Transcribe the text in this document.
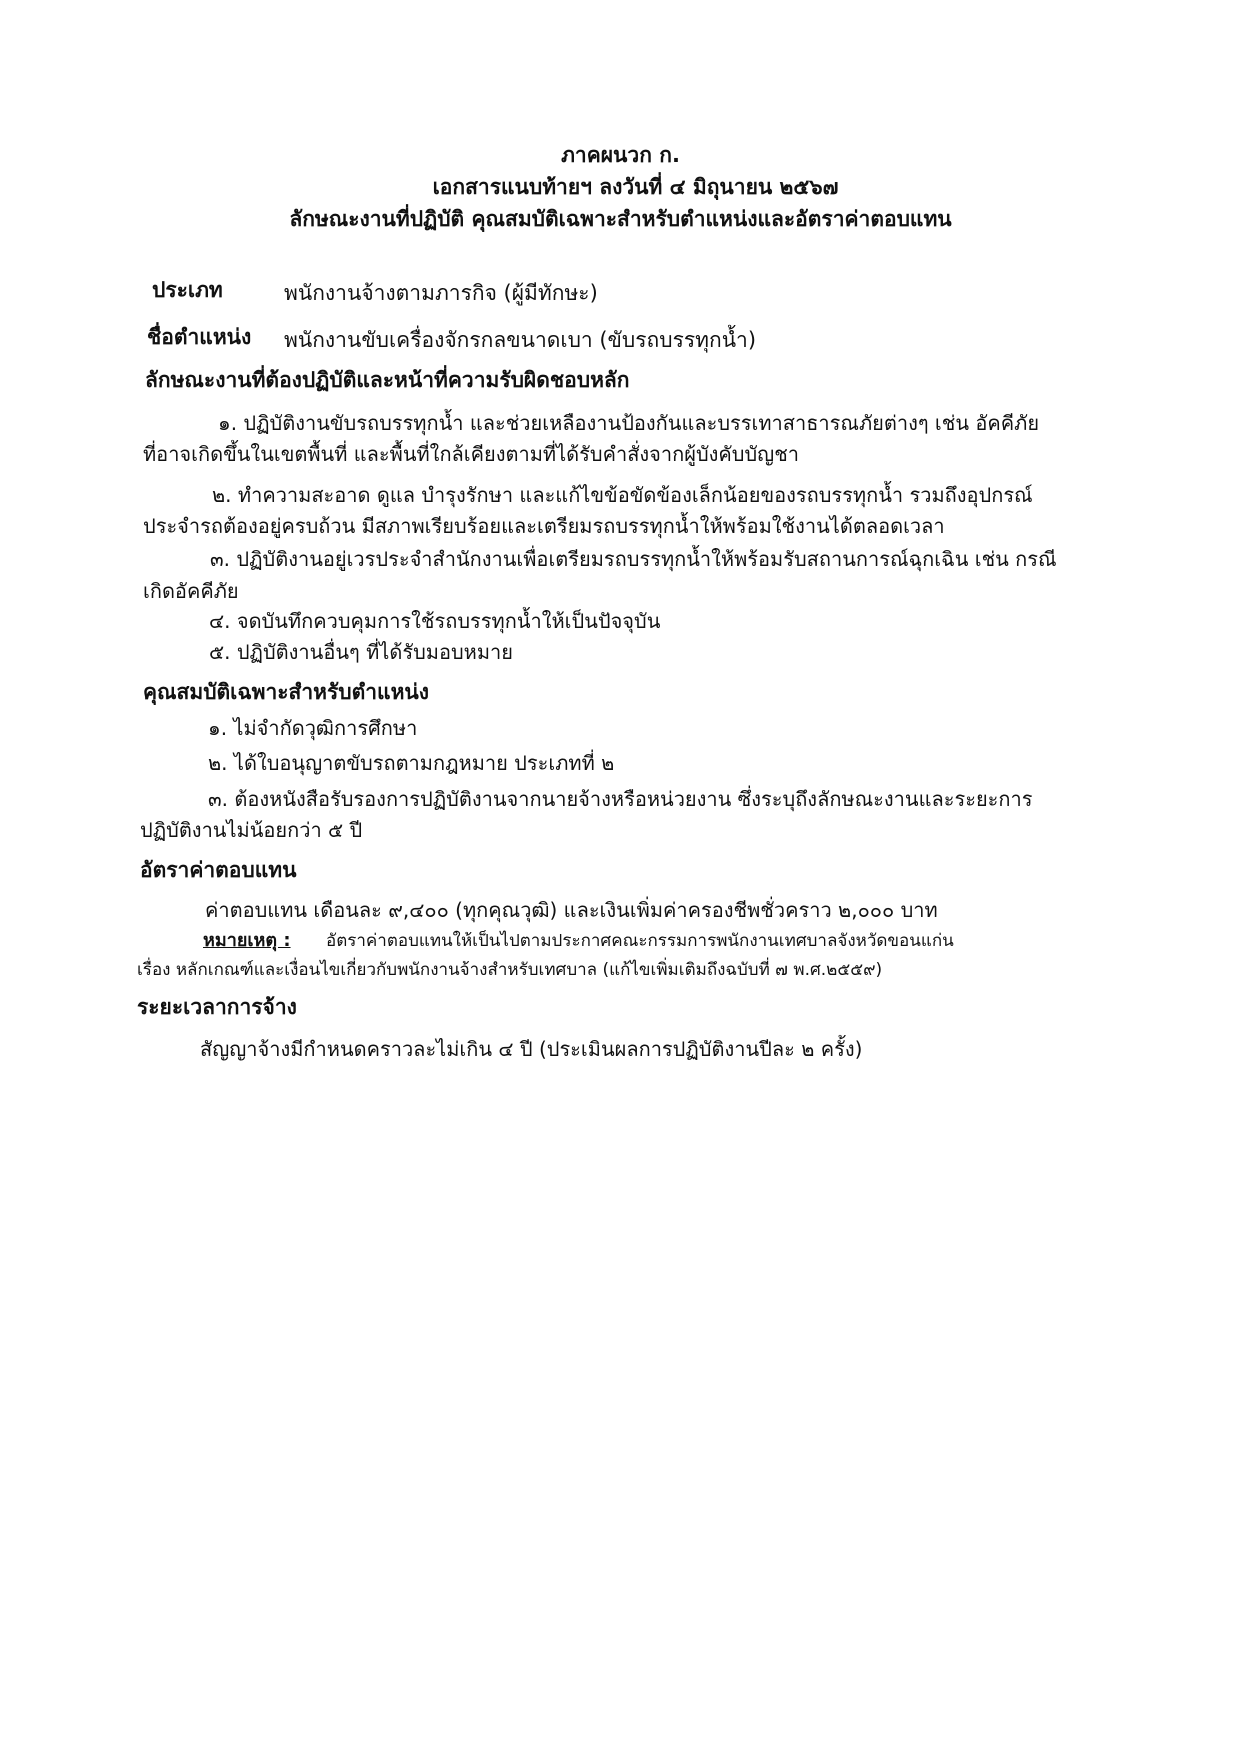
ภาคผนวก ก.
เอกสารแนบท้ายฯ ลงวันที่ ๔ มิถุนายน ๒๕๖๗
ลักษณะงานที่ปฏิบัติ คุณสมบัติเฉพาะสำหรับตำแหน่งและอัตราค่าตอบแทน
ประเภท	พนักงานจ้างตามภารกิจ (ผู้มีทักษะ)
ชื่อตำแหน่ง พนักงานขับเครื่องจักรกลขนาดเบา (ขับรถบรรทุกน้ำ)
ลักษณะงานที่ต้องปฏิบัติและหน้าที่ความรับผิดชอบหลัก
๑. ปฏิบัติงานขับรถบรรทุกน้ำ และช่วยเหลืองานป้องกันและบรรเทาสาธารณภัยต่างๆ เช่น อัคคีภัย
ที่อาจเกิดขึ้นในเขตพื้นที่ และพื้นที่ใกล้เคียงตามที่ได้รับคำสั่งจากผู้บังคับบัญชา
๒. ทำความสะอาด ดูแล บำรุงรักษา และแก้ไขข้อขัดข้องเล็กน้อยของรถบรรทุกน้ำ รวมถึงอุปกรณ์
ประจำรถต้องอยู่ครบถ้วน มีสภาพเรียบร้อยและเตรียมรถบรรทุกน้ำให้พร้อมใช้งานได้ตลอดเวลา
๓. ปฏิบัติงานอยู่เวรประจำสำนักงานเพื่อเตรียมรถบรรทุกน้ำให้พร้อมรับสถานการณ์ฉุกเฉิน เช่น กรณี
เกิดอัคคีภัย
๔. จดบันทึกควบคุมการใช้รถบรรทุกน้ำให้เป็นปัจจุบัน
๕. ปฏิบัติงานอื่นๆ ที่ได้รับมอบหมาย
คุณสมบัติเฉพาะสำหรับตำแหน่ง
๑. ไม่จำกัดวุฒิการศึกษา
๒. ได้ใบอนุญาตขับรถตามกฎหมาย ประเภทที่ ๒
๓. ต้องหนังสือรับรองการปฏิบัติงานจากนายจ้างหรือหน่วยงาน ซึ่งระบุถึงลักษณะงานและระยะการ
ปฏิบัติงานไม่น้อยกว่า ๕ ปี
อัตราค่าตอบแทน
ค่าตอบแทน เดือนละ ๙,๔๐๐ (ทุกคุณวุฒิ) และเงินเพิ่มค่าครองชีพชั่วคราว ๒,๐๐๐ บาท
หมายเหตุ : อัตราค่าตอบแทนให้เป็นไปตามประกาศคณะกรรมการพนักงานเทศบาลจังหวัดขอนแก่น
เรื่อง หลักเกณฑ์และเงื่อนไขเกี่ยวกับพนักงานจ้างสำหรับเทศบาล (แก้ไขเพิ่มเติมถึงฉบับที่ ๗ พ.ศ.๒๕๕๙)
ระยะเวลาการจ้าง
สัญญาจ้างมีกำหนดคราวละไม่เกิน ๔ ปี (ประเมินผลการปฏิบัติงานปีละ ๒ ครั้ง)
